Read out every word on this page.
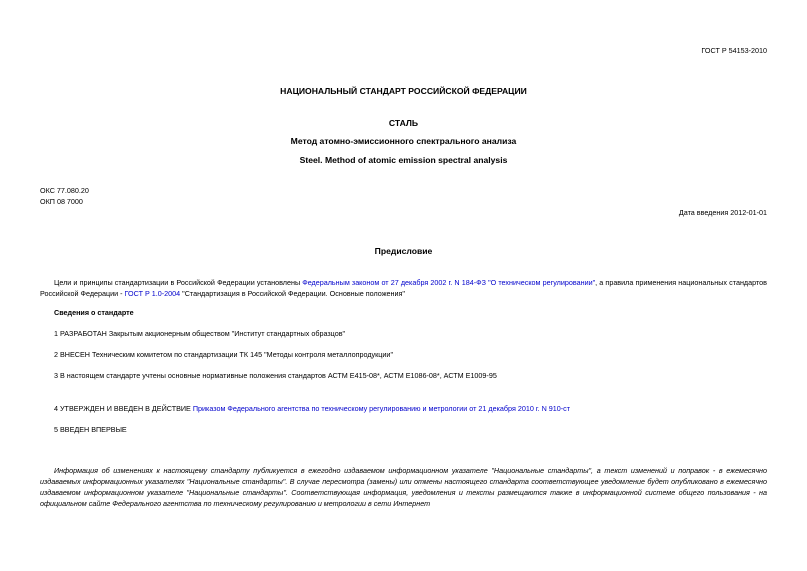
ГОСТ Р 54153-2010
НАЦИОНАЛЬНЫЙ СТАНДАРТ РОССИЙСКОЙ ФЕДЕРАЦИИ
СТАЛЬ
Метод атомно-эмиссионного спектрального анализа
Steel. Method of atomic emission spectral analysis
ОКС 77.080.20
ОКП 08 7000
Дата введения 2012-01-01
Предисловие
Цели и принципы стандартизации в Российской Федерации установлены Федеральным законом от 27 декабря 2002 г. N 184-ФЗ "О техническом регулировании", а правила применения национальных стандартов Российской Федерации - ГОСТ Р 1.0-2004 "Стандартизация в Российской Федерации. Основные положения"
Сведения о стандарте
1 РАЗРАБОТАН Закрытым акционерным обществом "Институт стандартных образцов"
2 ВНЕСЕН Техническим комитетом по стандартизации ТК 145 "Методы контроля металлопродукции"
3 В настоящем стандарте учтены основные нормативные положения стандартов АСТМ Е415-08*, АСТМ Е1086-08*, АСТМ Е1009-95
4 УТВЕРЖДЕН И ВВЕДЕН В ДЕЙСТВИЕ Приказом Федерального агентства по техническому регулированию и метрологии от 21 декабря 2010 г. N 910-ст
5 ВВЕДЕН ВПЕРВЫЕ
Информация об изменениях к настоящему стандарту публикуется в ежегодно издаваемом информационном указателе "Национальные стандарты", а текст изменений и поправок - в ежемесячно издаваемых информационных указателях "Национальные стандарты". В случае пересмотра (замены) или отмены настоящего стандарта соответствующее уведомление будет опубликовано в ежемесячно издаваемом информационном указателе "Национальные стандарты". Соответствующая информация, уведомления и тексты размещаются также в информационной системе общего пользования - на официальном сайте Федерального агентства по техническому регулированию и метрологии в сети Интернет
